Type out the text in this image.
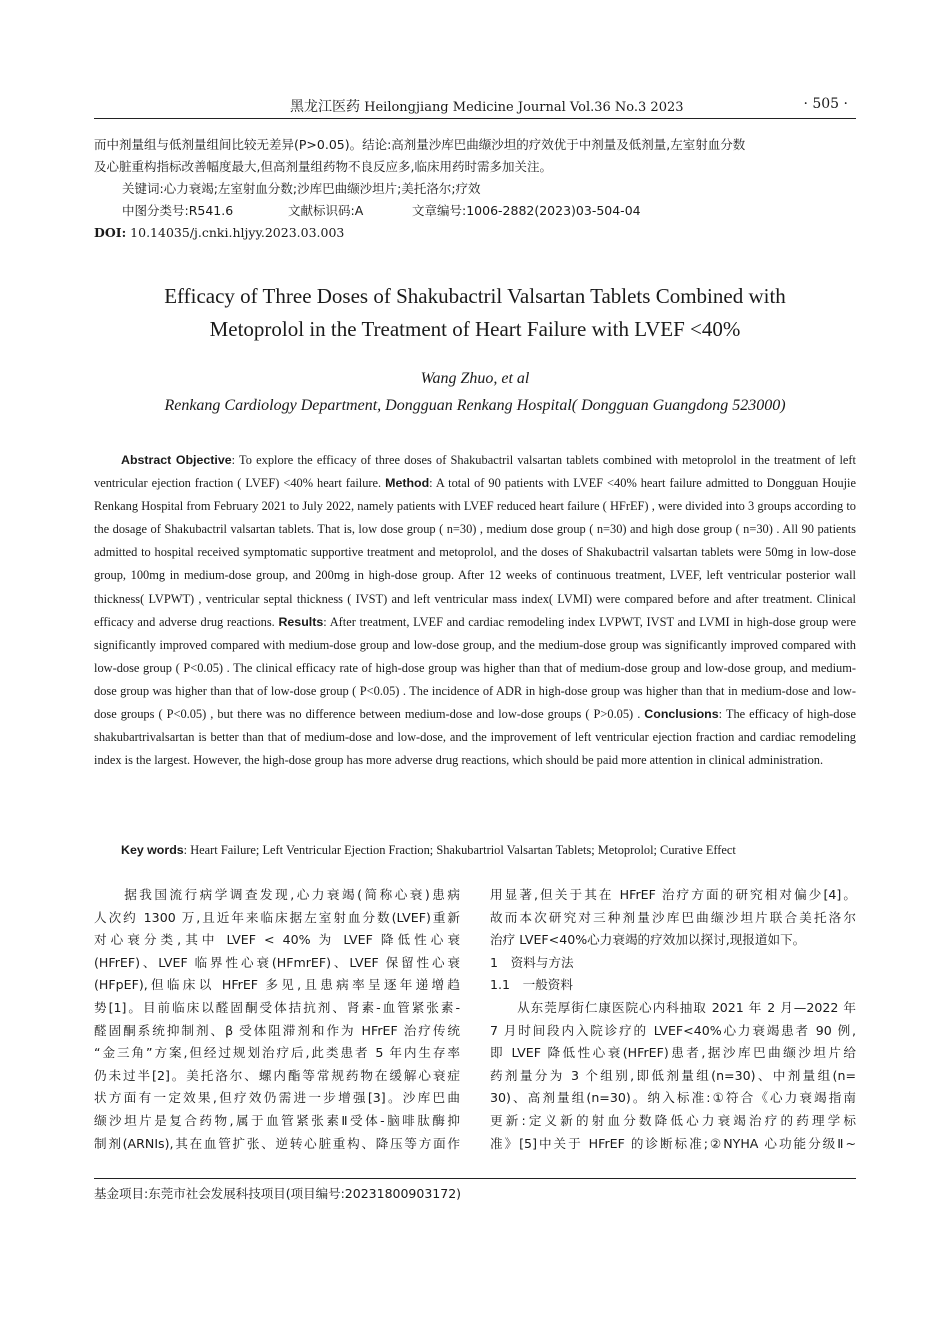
黑龙江医药 Heilongjiang Medicine Journal Vol.36 No.3 2023	· 505 ·
而中剂量组与低剂量组间比较无差异(P>0.05)。结论:高剂量沙库巴曲缬沙坦的疗效优于中剂量及低剂量,左室射血分数
及心脏重构指标改善幅度最大,但高剂量组药物不良反应多,临床用药时需多加关注。
关键词:心力衰竭;左室射血分数;沙库巴曲缬沙坦片;美托洛尔;疗效
中图分类号:R541.6	文献标识码:A	文章编号:1006-2882(2023)03-504-04
DOI: 10.14035/j.cnki.hljyy.2023.03.003
Efficacy of Three Doses of Shakubactril Valsartan Tablets Combined with
Metoprolol in the Treatment of Heart Failure with LVEF <40%
Wang Zhuo, et al
Renkang Cardiology Department, Dongguan Renkang Hospital( Dongguan Guangdong 523000)
Abstract Objective: To explore the efficacy of three doses of Shakubactril valsartan tablets combined with metoprolol in the treatment of left ventricular ejection fraction ( LVEF) <40% heart failure. Method: A total of 90 patients with LVEF <40% heart failure admitted to Dongguan Houjie Renkang Hospital from February 2021 to July 2022, namely patients with LVEF reduced heart failure ( HFrEF) , were divided into 3 groups according to the dosage of Shakubactril valsartan tablets. That is, low dose group ( n=30) , medium dose group ( n=30) and high dose group ( n=30) . All 90 patients admitted to hospital received symptomatic supportive treatment and metoprolol, and the doses of Shakubactril valsartan tablets were 50mg in low-dose group, 100mg in medium-dose group, and 200mg in high-dose group. After 12 weeks of continuous treatment, LVEF, left ventricular posterior wall thickness( LVPWT) , ventricular septal thickness ( IVST) and left ventricular mass index( LVMI) were compared before and after treatment. Clinical efficacy and adverse drug reactions. Results: After treatment, LVEF and cardiac remodeling index LVPWT, IVST and LVMI in high-dose group were significantly improved compared with medium-dose group and low-dose group, and the medium-dose group was significantly improved compared with low-dose group ( P<0.05) . The clinical efficacy rate of high-dose group was higher than that of medium-dose group and low-dose group, and medium-dose group was higher than that of low-dose group ( P<0.05) . The incidence of ADR in high-dose group was higher than that in medium-dose and low-dose groups ( P<0.05) , but there was no difference between medium-dose and low-dose groups ( P>0.05) . Conclusions: The efficacy of high-dose shakubartrivalsartan is better than that of medium-dose and low-dose, and the improvement of left ventricular ejection fraction and cardiac remodeling index is the largest. However, the high-dose group has more adverse drug reactions, which should be paid more attention in clinical administration.
Key words: Heart Failure; Left Ventricular Ejection Fraction; Shakubartriol Valsartan Tablets; Metoprolol; Curative Effect
　　据我国流行病学调查发现,心力衰竭(简称心衰)患病
人次约 1300 万,且近年来临床据左室射血分数(LVEF)重新
对心衰分类,其中 LVEF < 40% 为 LVEF 降低性心衰
(HFrEF)、LVEF 临界性心衰(HFmrEF)、LVEF 保留性心衰
(HFpEF),但临床以 HFrEF 多见,且患病率呈逐年递增趋
势[1]。目前临床以醛固酮受体拮抗剂、肾素-血管紧张素-
醛固酮系统抑制剂、β 受体阻滞剂和作为 HFrEF 治疗传统
“金三角”方案,但经过规划治疗后,此类患者 5 年内生存率
仍未过半[2]。美托洛尔、螺内酯等常规药物在缓解心衰症
状方面有一定效果,但疗效仍需进一步增强[3]。沙库巴曲
缬沙坦片是复合药物,属于血管紧张素Ⅱ受体-脑啡肽酶抑
制剂(ARNIs),其在血管扩张、逆转心脏重构、降压等方面作
用显著,但关于其在 HFrEF 治疗方面的研究相对偏少[4]。
故而本次研究对三种剂量沙库巴曲缬沙坦片联合美托洛尔
治疗 LVEF<40%心力衰竭的疗效加以探讨,现报道如下。
1　资料与方法
1.1　一般资料
　　从东莞厚街仁康医院心内科抽取 2021 年 2 月—2022 年
7 月时间段内入院诊疗的 LVEF<40%心力衰竭患者 90 例,
即 LVEF 降低性心衰(HFrEF)患者,据沙库巴曲缬沙坦片给
药剂量分为 3 个组别,即低剂量组(n=30)、中剂量组(n=
30)、高剂量组(n=30)。纳入标准:①符合《心力衰竭指南
更新:定义新的射血分数降低心力衰竭治疗的药理学标
准》[5]中关于 HFrEF 的诊断标准;②NYHA 心功能分级Ⅱ~
基金项目:东莞市社会发展科技项目(项目编号:20231800903172)
